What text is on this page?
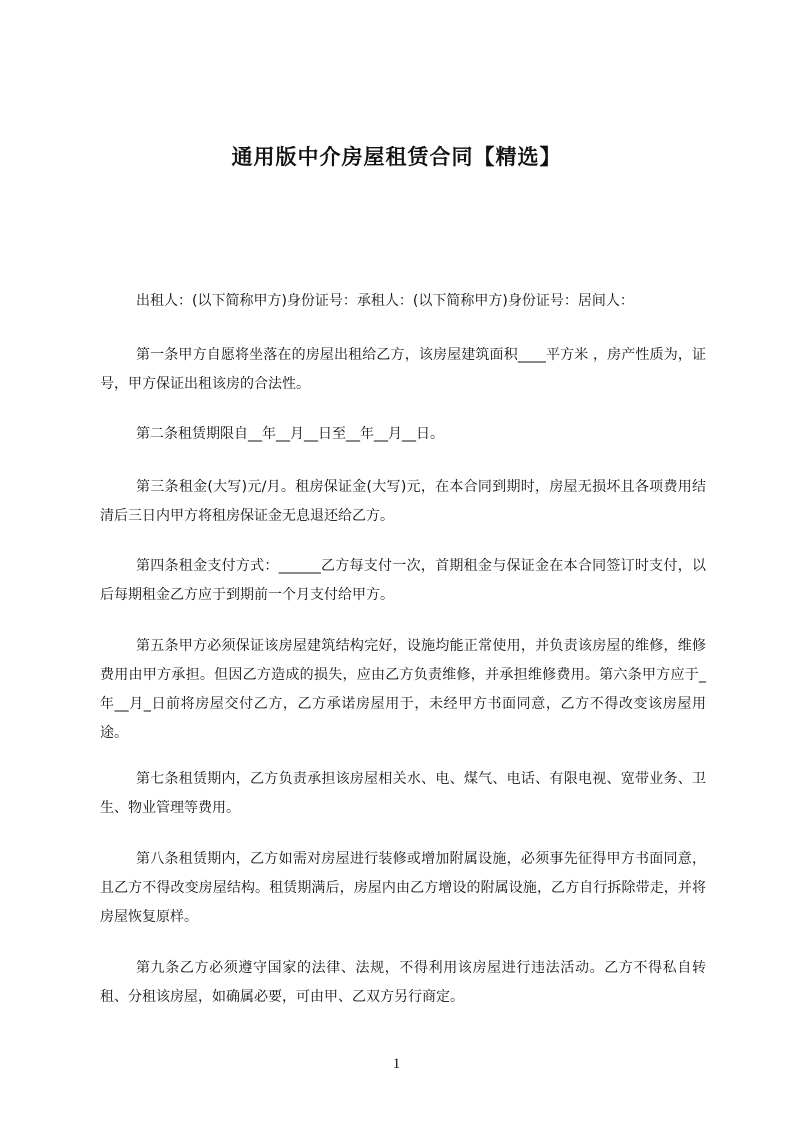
通用版中介房屋租赁合同【精选】

出租人：(以下简称甲方)身份证号：承租人：(以下简称甲方)身份证号：居间人：

第一条甲方自愿将坐落在的房屋出租给乙方，该房屋建筑面积____平方米 ，房产性质为，证号，甲方保证出租该房的合法性。

第二条租赁期限自__年__月__日至__年__月__日。

第三条租金(大写)元/月。租房保证金(大写)元，在本合同到期时，房屋无损坏且各项费用结清后三日内甲方将租房保证金无息退还给乙方。

第四条租金支付方式：______乙方每支付一次，首期租金与保证金在本合同签订时支付，以后每期租金乙方应于到期前一个月支付给甲方。

第五条甲方必须保证该房屋建筑结构完好，设施均能正常使用，并负责该房屋的维修，维修费用由甲方承担。但因乙方造成的损失，应由乙方负责维修，并承担维修费用。第六条甲方应于_年__月_日前将房屋交付乙方，乙方承诺房屋用于，未经甲方书面同意，乙方不得改变该房屋用途。

第七条租赁期内，乙方负责承担该房屋相关水、电、煤气、电话、有限电视、宽带业务、卫生、物业管理等费用。

第八条租赁期内，乙方如需对房屋进行装修或增加附属设施，必须事先征得甲方书面同意，且乙方不得改变房屋结构。租赁期满后，房屋内由乙方增设的附属设施，乙方自行拆除带走，并将房屋恢复原样。

第九条乙方必须遵守国家的法律、法规，不得利用该房屋进行违法活动。乙方不得私自转租、分租该房屋，如确属必要，可由甲、乙双方另行商定。

1
